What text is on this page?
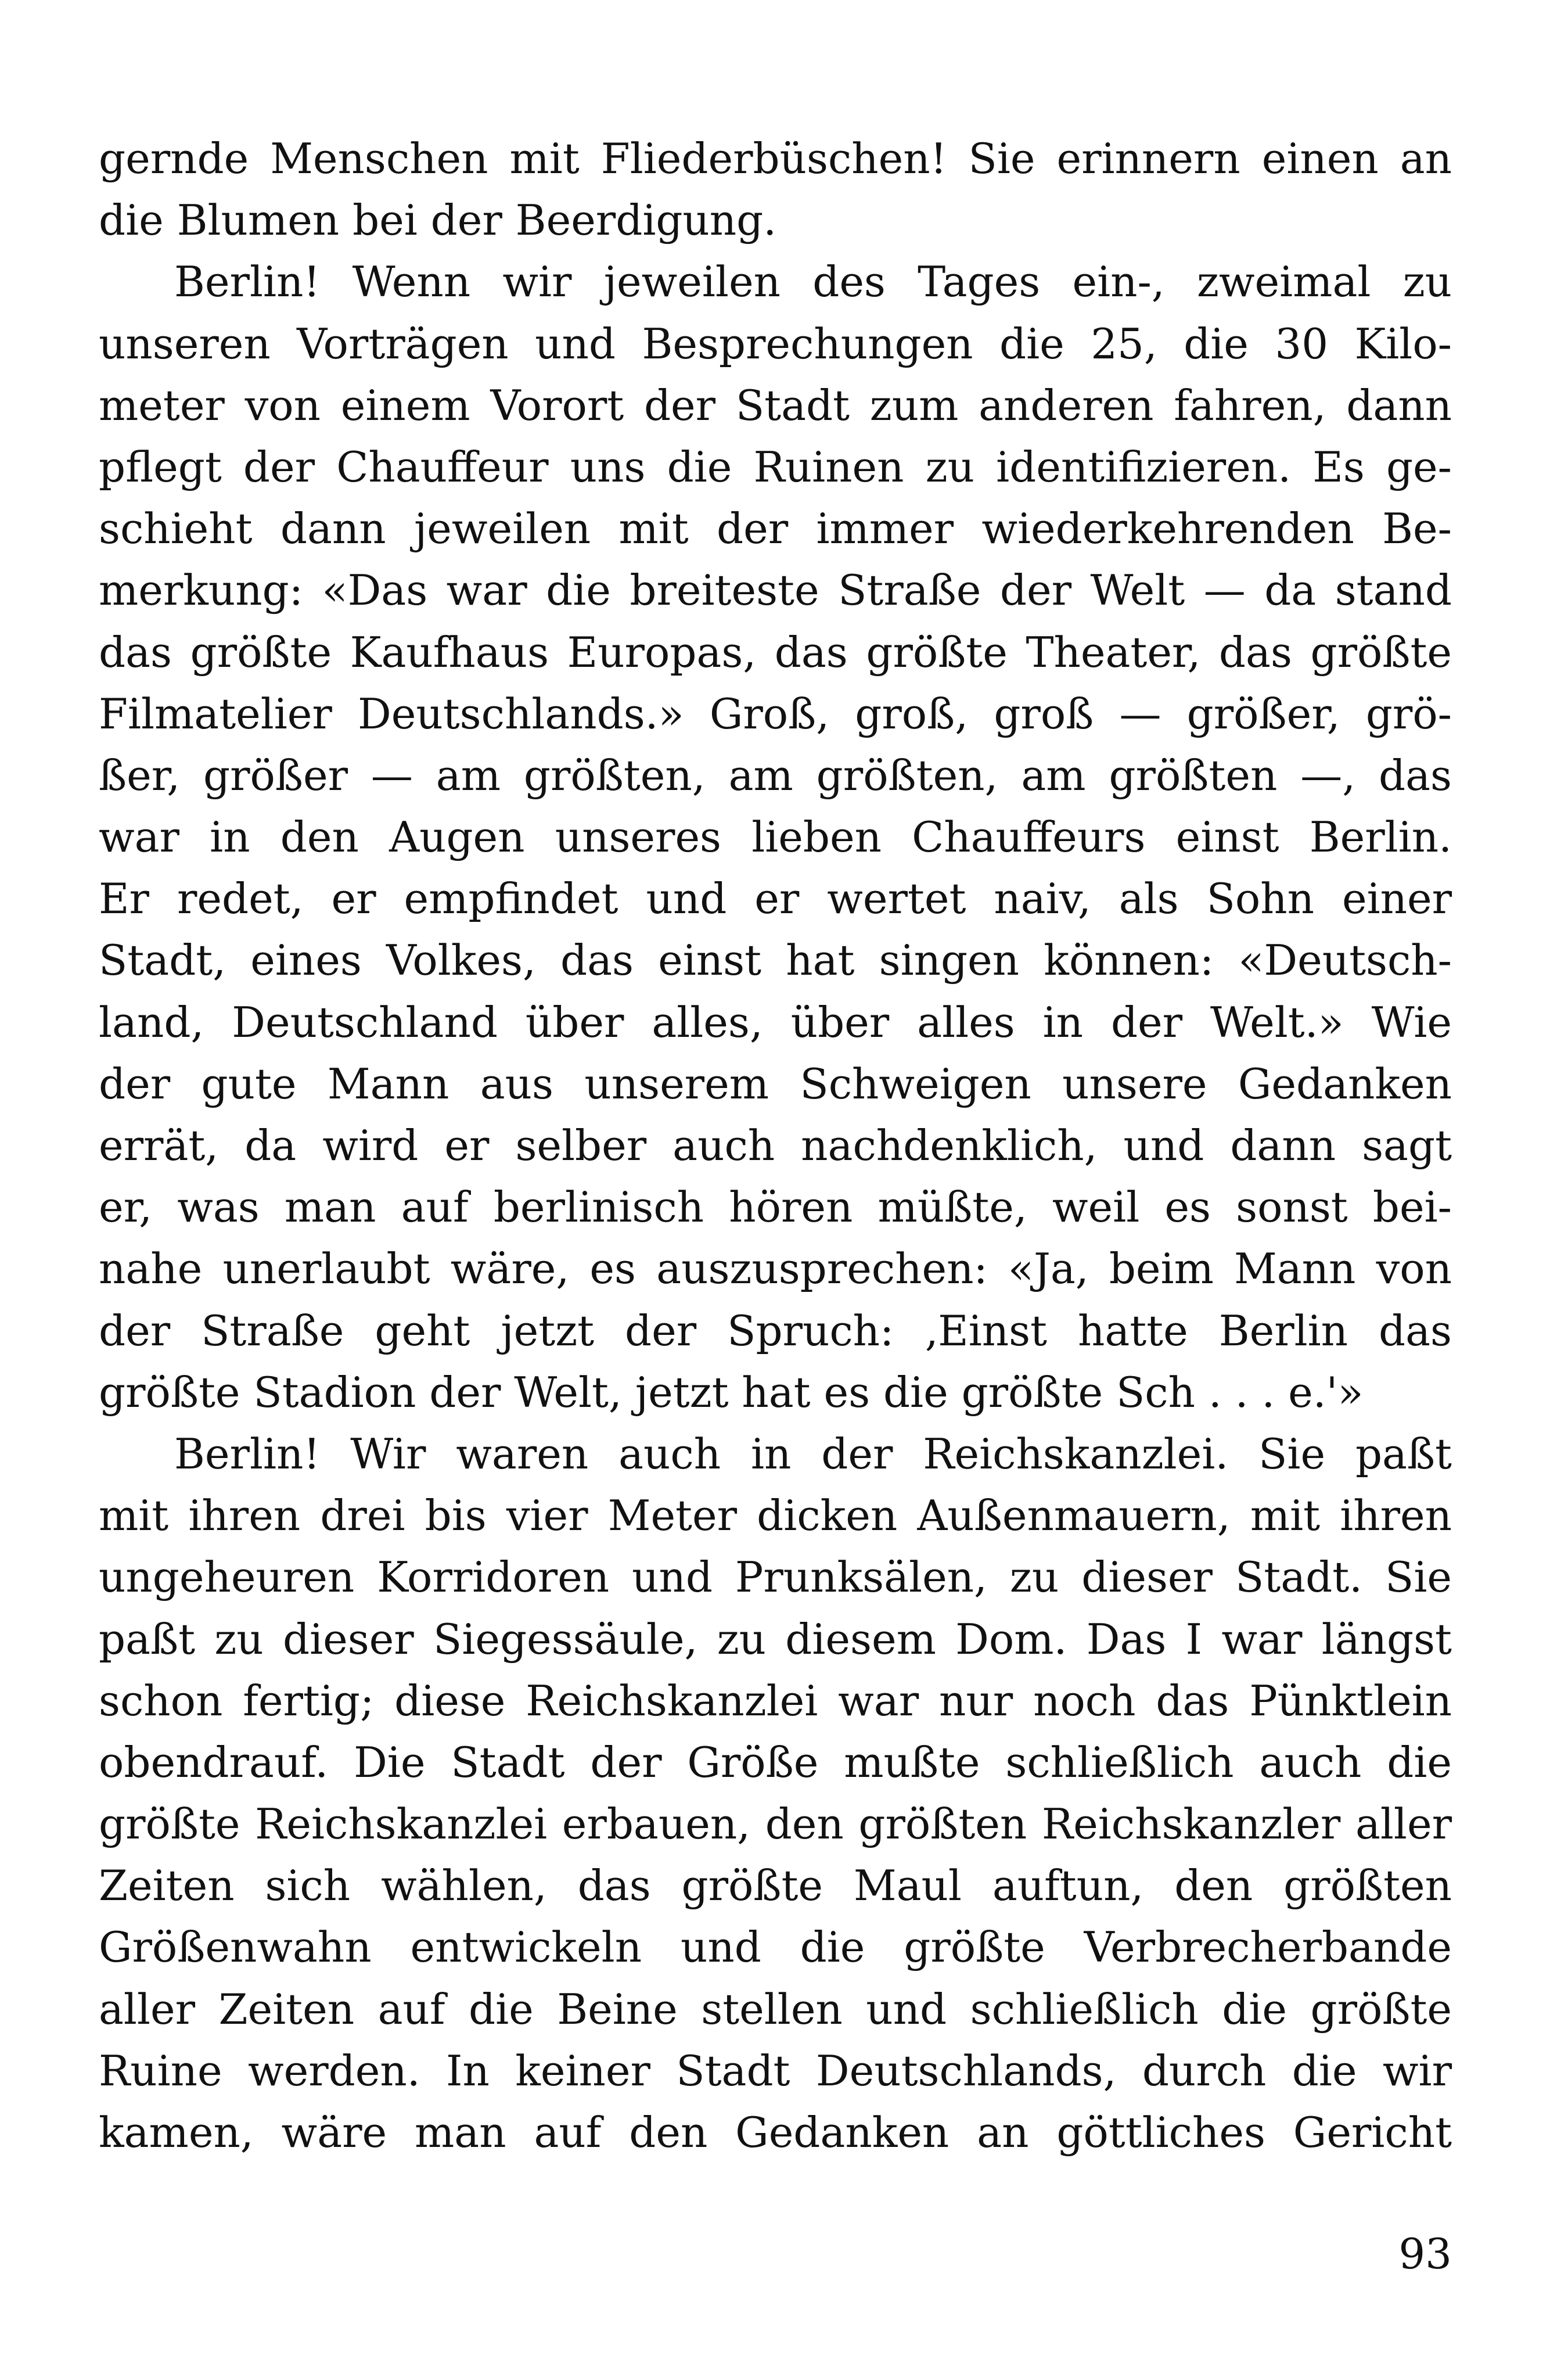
gernde Menschen mit Fliederbüschen! Sie erinnern einen an
die Blumen bei der Beerdigung.
Berlin! Wenn wir jeweilen des Tages ein-, zweimal zu
unseren Vorträgen und Besprechungen die 25, die 30 Kilo-
meter von einem Vorort der Stadt zum anderen fahren, dann
pflegt der Chauffeur uns die Ruinen zu identifizieren. Es ge-
schieht dann jeweilen mit der immer wiederkehrenden Be-
merkung: «Das war die breiteste Straße der Welt — da stand
das größte Kaufhaus Europas, das größte Theater, das größte
Filmatelier Deutschlands.» Groß, groß, groß — größer, grö-
ßer, größer — am größten, am größten, am größten —, das
war in den Augen unseres lieben Chauffeurs einst Berlin.
Er redet, er empfindet und er wertet naiv, als Sohn einer
Stadt, eines Volkes, das einst hat singen können: «Deutsch-
land, Deutschland über alles, über alles in der Welt.» Wie
der gute Mann aus unserem Schweigen unsere Gedanken
errät, da wird er selber auch nachdenklich, und dann sagt
er, was man auf berlinisch hören müßte, weil es sonst bei-
nahe unerlaubt wäre, es auszusprechen: «Ja, beim Mann von
der Straße geht jetzt der Spruch: ‚Einst hatte Berlin das
größte Stadion der Welt, jetzt hat es die größte Sch . . . e.'»
Berlin! Wir waren auch in der Reichskanzlei. Sie paßt
mit ihren drei bis vier Meter dicken Außenmauern, mit ihren
ungeheuren Korridoren und Prunksälen, zu dieser Stadt. Sie
paßt zu dieser Siegessäule, zu diesem Dom. Das I war längst
schon fertig; diese Reichskanzlei war nur noch das Pünktlein
obendrauf. Die Stadt der Größe mußte schließlich auch die
größte Reichskanzlei erbauen, den größten Reichskanzler aller
Zeiten sich wählen, das größte Maul auftun, den größten
Größenwahn entwickeln und die größte Verbrecherbande
aller Zeiten auf die Beine stellen und schließlich die größte
Ruine werden. In keiner Stadt Deutschlands, durch die wir
kamen, wäre man auf den Gedanken an göttliches Gericht
93
